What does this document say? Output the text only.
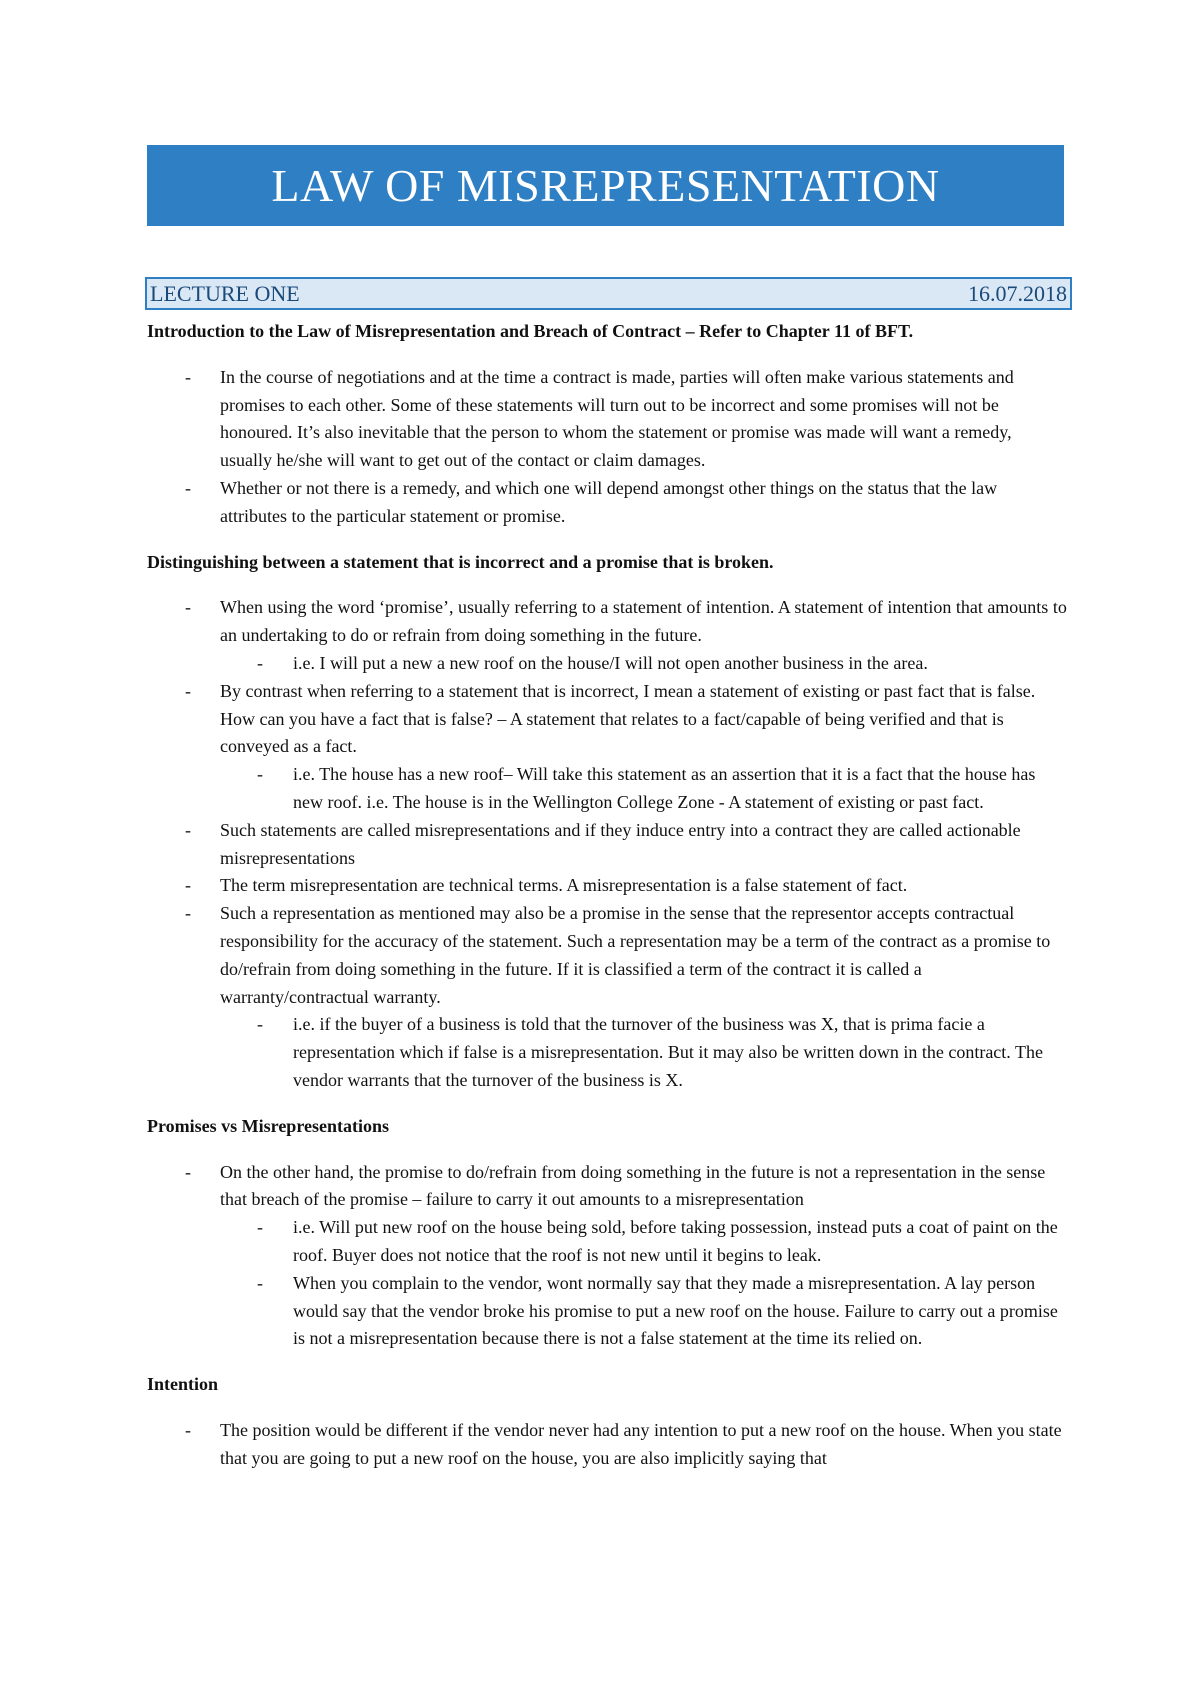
LAW OF MISREPRESENTATION
LECTURE ONE	16.07.2018
Introduction to the Law of Misrepresentation and Breach of Contract – Refer to Chapter 11 of BFT.
- In the course of negotiations and at the time a contract is made, parties will often make various statements and promises to each other. Some of these statements will turn out to be incorrect and some promises will not be honoured. It’s also inevitable that the person to whom the statement or promise was made will want a remedy, usually he/she will want to get out of the contact or claim damages.
- Whether or not there is a remedy, and which one will depend amongst other things on the status that the law attributes to the particular statement or promise.
Distinguishing between a statement that is incorrect and a promise that is broken.
- When using the word ‘promise’, usually referring to a statement of intention. A statement of intention that amounts to an undertaking to do or refrain from doing something in the future.
- i.e. I will put a new a new roof on the house/I will not open another business in the area.
- By contrast when referring to a statement that is incorrect, I mean a statement of existing or past fact that is false. How can you have a fact that is false? – A statement that relates to a fact/capable of being verified and that is conveyed as a fact.
- i.e. The house has a new roof– Will take this statement as an assertion that it is a fact that the house has new roof. i.e. The house is in the Wellington College Zone - A statement of existing or past fact.
- Such statements are called misrepresentations and if they induce entry into a contract they are called actionable misrepresentations
- The term misrepresentation are technical terms. A misrepresentation is a false statement of fact.
- Such a representation as mentioned may also be a promise in the sense that the representor accepts contractual responsibility for the accuracy of the statement. Such a representation may be a term of the contract as a promise to do/refrain from doing something in the future. If it is classified a term of the contract it is called a warranty/contractual warranty.
- i.e. if the buyer of a business is told that the turnover of the business was X, that is prima facie a representation which if false is a misrepresentation. But it may also be written down in the contract. The vendor warrants that the turnover of the business is X.
Promises vs Misrepresentations
- On the other hand, the promise to do/refrain from doing something in the future is not a representation in the sense that breach of the promise – failure to carry it out amounts to a misrepresentation
- i.e. Will put new roof on the house being sold, before taking possession, instead puts a coat of paint on the roof. Buyer does not notice that the roof is not new until it begins to leak.
- When you complain to the vendor, wont normally say that they made a misrepresentation. A lay person would say that the vendor broke his promise to put a new roof on the house. Failure to carry out a promise is not a misrepresentation because there is not a false statement at the time its relied on.
Intention
- The position would be different if the vendor never had any intention to put a new roof on the house. When you state that you are going to put a new roof on the house, you are also implicitly saying that
